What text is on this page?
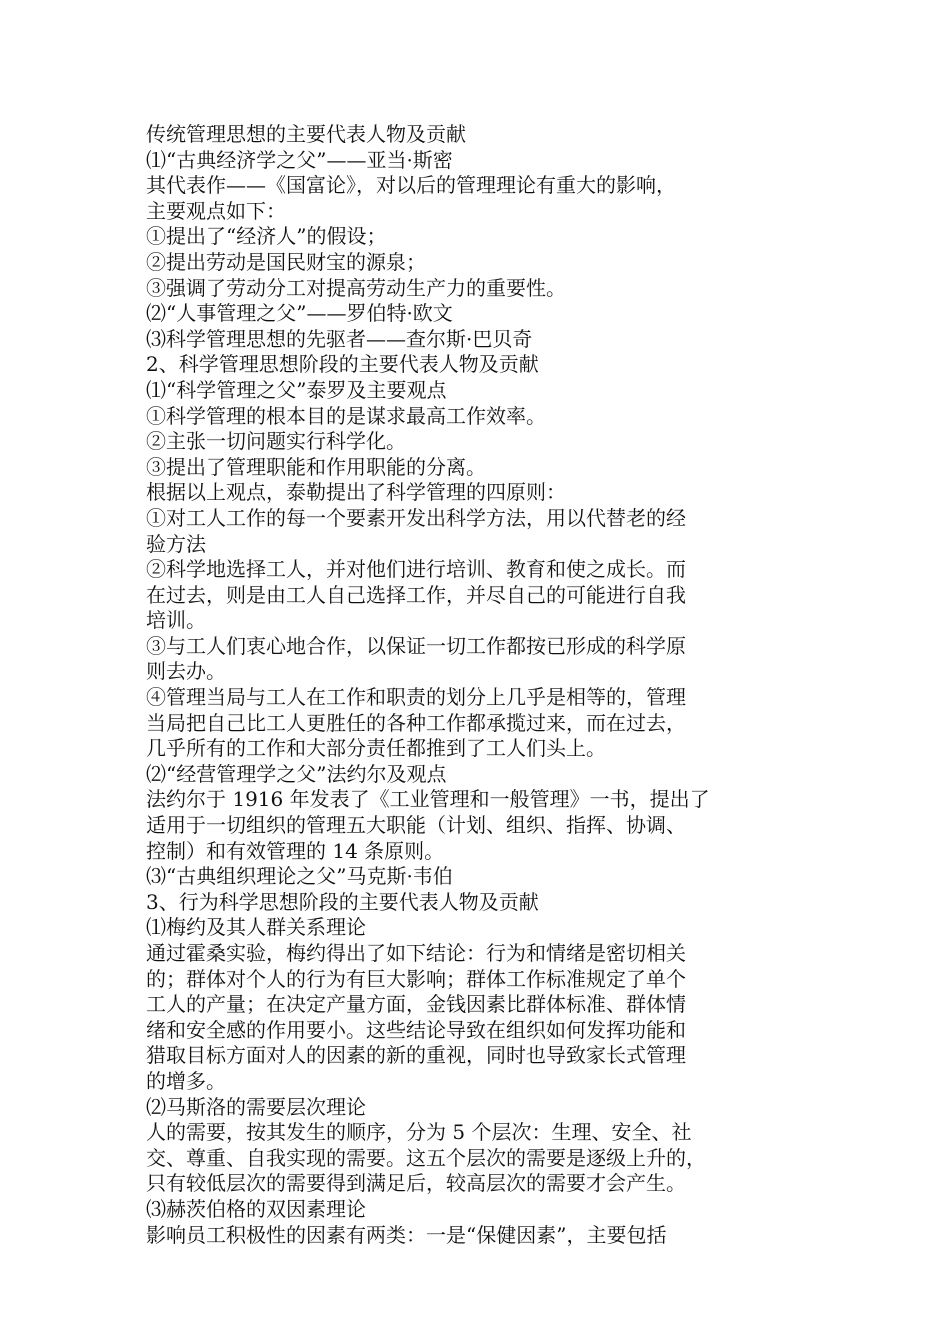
传统管理思想的主要代表人物及贡献
⑴“古典经济学之父”——亚当·斯密
其代表作——《国富论》，对以后的管理理论有重大的影响，
主要观点如下：
①提出了“经济人”的假设；
②提出劳动是国民财宝的源泉；
③强调了劳动分工对提高劳动生产力的重要性。
⑵“人事管理之父”——罗伯特·欧文
⑶科学管理思想的先驱者——查尔斯·巴贝奇
2、科学管理思想阶段的主要代表人物及贡献
⑴“科学管理之父”泰罗及主要观点
①科学管理的根本目的是谋求最高工作效率。
②主张一切问题实行科学化。
③提出了管理职能和作用职能的分离。
根据以上观点，泰勒提出了科学管理的四原则：
①对工人工作的每一个要素开发出科学方法，用以代替老的经
验方法
②科学地选择工人，并对他们进行培训、教育和使之成长。而
在过去，则是由工人自己选择工作，并尽自己的可能进行自我
培训。
③与工人们衷心地合作，以保证一切工作都按已形成的科学原
则去办。
④管理当局与工人在工作和职责的划分上几乎是相等的，管理
当局把自己比工人更胜任的各种工作都承揽过来，而在过去，
几乎所有的工作和大部分责任都推到了工人们头上。
⑵“经营管理学之父”法约尔及观点
法约尔于 1916 年发表了《工业管理和一般管理》一书，提出了
适用于一切组织的管理五大职能（计划、组织、指挥、协调、
控制）和有效管理的 14 条原则。
⑶“古典组织理论之父”马克斯·韦伯
3、行为科学思想阶段的主要代表人物及贡献
⑴梅约及其人群关系理论
通过霍桑实验，梅约得出了如下结论：行为和情绪是密切相关
的；群体对个人的行为有巨大影响；群体工作标准规定了单个
工人的产量；在决定产量方面，金钱因素比群体标准、群体情
绪和安全感的作用要小。这些结论导致在组织如何发挥功能和
猎取目标方面对人的因素的新的重视，同时也导致家长式管理
的增多。
⑵马斯洛的需要层次理论
人的需要，按其发生的顺序，分为 5 个层次：生理、安全、社
交、尊重、自我实现的需要。这五个层次的需要是逐级上升的，
只有较低层次的需要得到满足后，较高层次的需要才会产生。
⑶赫茨伯格的双因素理论
影响员工积极性的因素有两类：一是“保健因素”，主要包括
